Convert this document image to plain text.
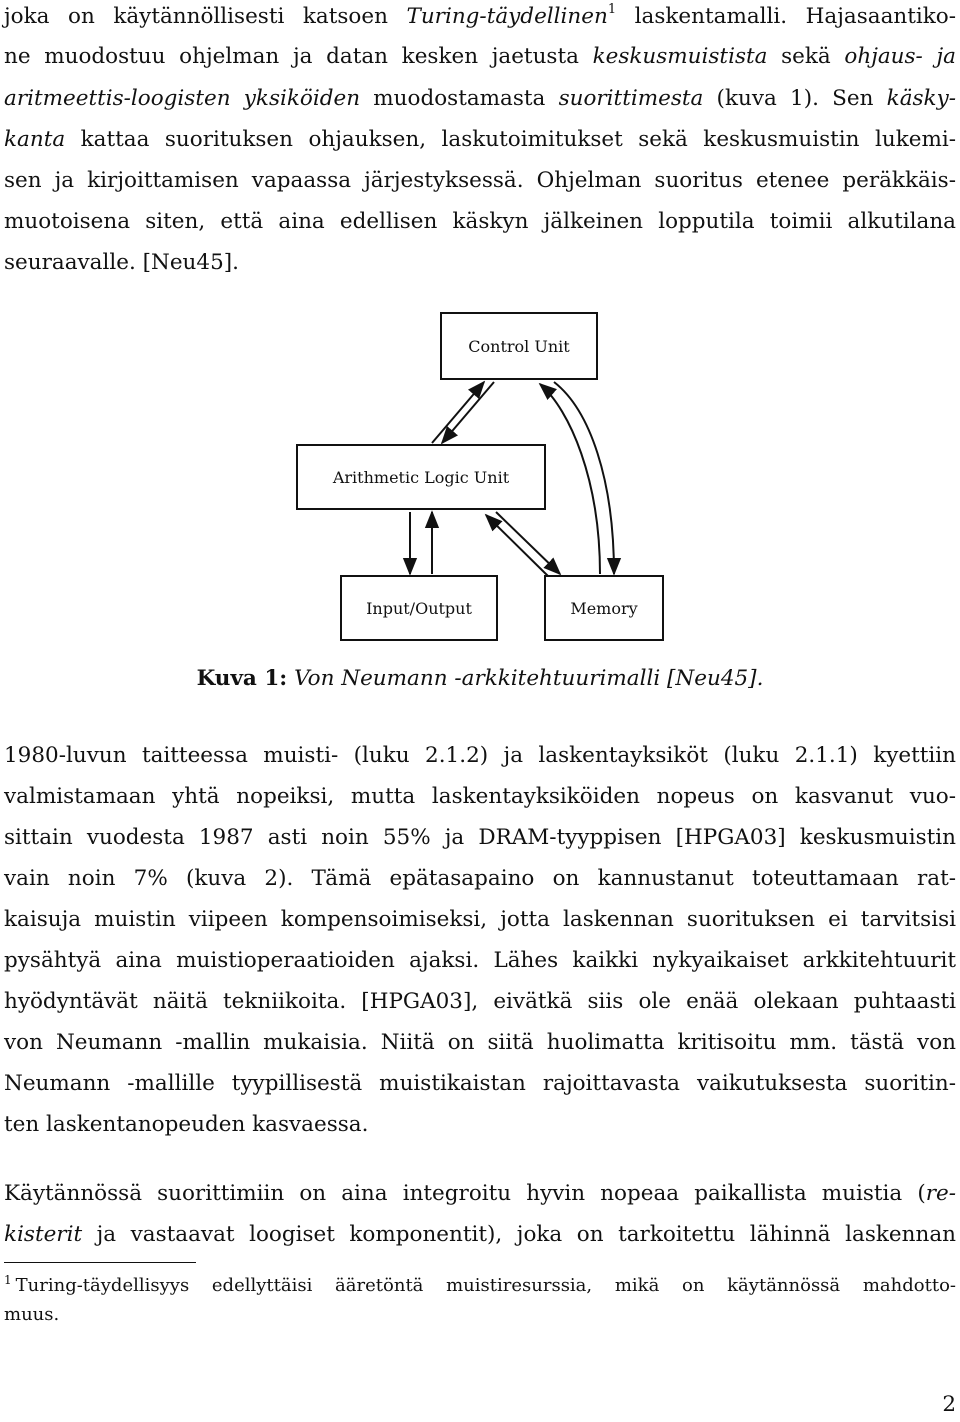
joka on käytännöllisesti katsoen Turing-täydellinen$^1$ laskentamalli. Hajasaantiko-
ne muodostuu ohjelman ja datan kesken jaetusta keskusmuistista sekä ohjaus- ja
aritmeettis-loogisten yksiköiden muodostamasta suorittimesta (kuva 1). Sen käsky-
kanta kattaa suorituksen ohjauksen, laskutoimitukset sekä keskusmuistin lukemi-
sen ja kirjoittamisen vapaassa järjestyksessä. Ohjelman suoritus etenee peräkkäis-
muotoisena siten, että aina edellisen käskyn jälkeinen lopputila toimii alkutilana
seuraavalle. [Neu45].
Control Unit
Arithmetic Logic Unit
Input/Output	Memory
Kuva 1: Von Neumann -arkkitehtuurimalli [Neu45].
1980-luvun taitteessa muisti- (luku 2.1.2) ja laskentayksiköt (luku 2.1.1) kyettiin
valmistamaan yhtä nopeiksi, mutta laskentayksiköiden nopeus on kasvanut vuo-
sittain vuodesta 1987 asti noin 55% ja DRAM-tyyppisen [HPGA03] keskusmuistin
vain noin 7% (kuva 2). Tämä epätasapaino on kannustanut toteuttamaan rat-
kaisuja muistin viipeen kompensoimiseksi, jotta laskennan suorituksen ei tarvitsisi
pysähtyä aina muistioperaatioiden ajaksi. Lähes kaikki nykyaikaiset arkkitehtuurit
hyödyntävät näitä tekniikoita. [HPGA03], eivätkä siis ole enää olekaan puhtaasti
von Neumann -mallin mukaisia. Niitä on siitä huolimatta kritisoitu mm. tästä von
Neumann -mallille tyypillisestä muistikaistan rajoittavasta vaikutuksesta suoritin-
ten laskentanopeuden kasvaessa.
Käytännössä suorittimiin on aina integroitu hyvin nopeaa paikallista muistia (re-
kisterit ja vastaavat loogiset komponentit), joka on tarkoitettu lähinnä laskennan
$^1$ Turing-täydellisyys edellyttäisi ääretöntä muistiresurssia, mikä on käytännössä mahdotto-
muus.
2
